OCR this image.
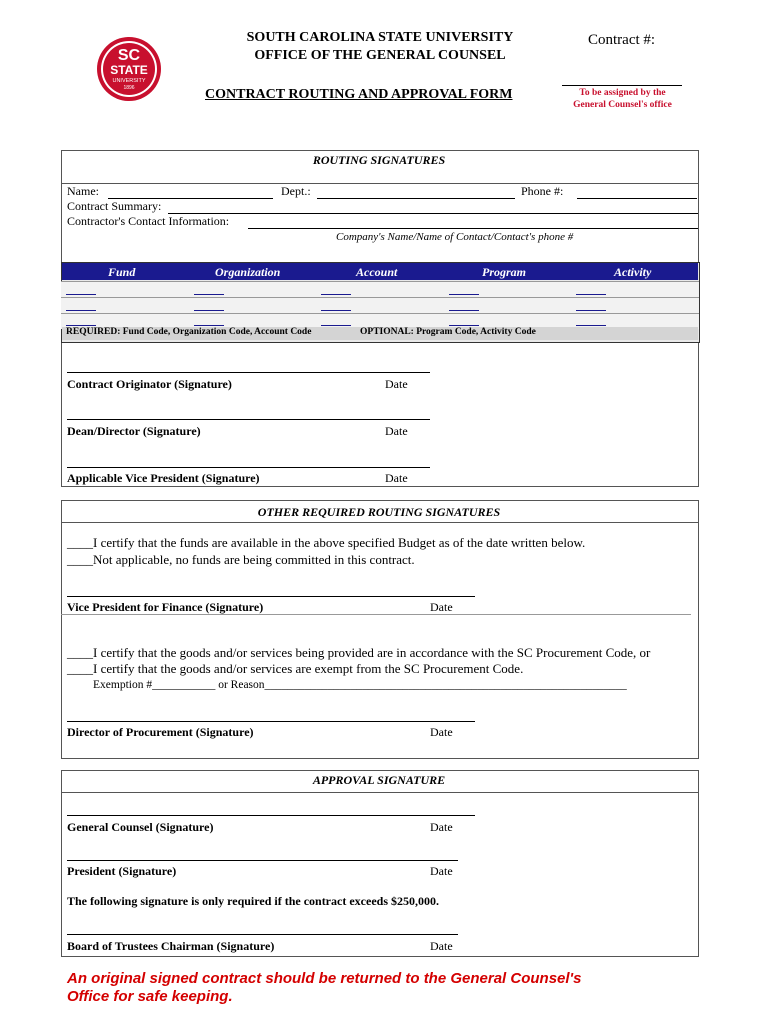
SC
STATE
UNIVERSITY
1896
SOUTH CAROLINA STATE UNIVERSITY
OFFICE OF THE GENERAL COUNSEL
CONTRACT ROUTING AND APPROVAL FORM
Contract #:
To be assigned by the
General Counsel's office
ROUTING SIGNATURES
Name:	Dept.:	Phone #:
Contract Summary:
Contractor's Contact Information:
Company's Name/Name of Contact/Contact's phone #
Fund	Organization	Account	Program	Activity
REQUIRED: Fund Code, Organization Code, Account Code	OPTIONAL: Program Code, Activity Code
Contract Originator (Signature)	Date
Dean/Director (Signature)	Date
Applicable Vice President (Signature)	Date
OTHER REQUIRED ROUTING SIGNATURES
____I certify that the funds are available in the above specified Budget as of the date written below.
____Not applicable, no funds are being committed in this contract.
Vice President for Finance (Signature)	Date
____I certify that the goods and/or services being provided are in accordance with the SC Procurement Code, or
____I certify that the goods and/or services are exempt from the SC Procurement Code.
Exemption #___________ or Reason_______________________________________________________________
Director of Procurement (Signature)	Date
APPROVAL SIGNATURE
General Counsel (Signature)	Date
President (Signature)	Date
The following signature is only required if the contract exceeds $250,000.
Board of Trustees Chairman (Signature)	Date
An original signed contract should be returned to the General Counsel's
Office for safe keeping.
